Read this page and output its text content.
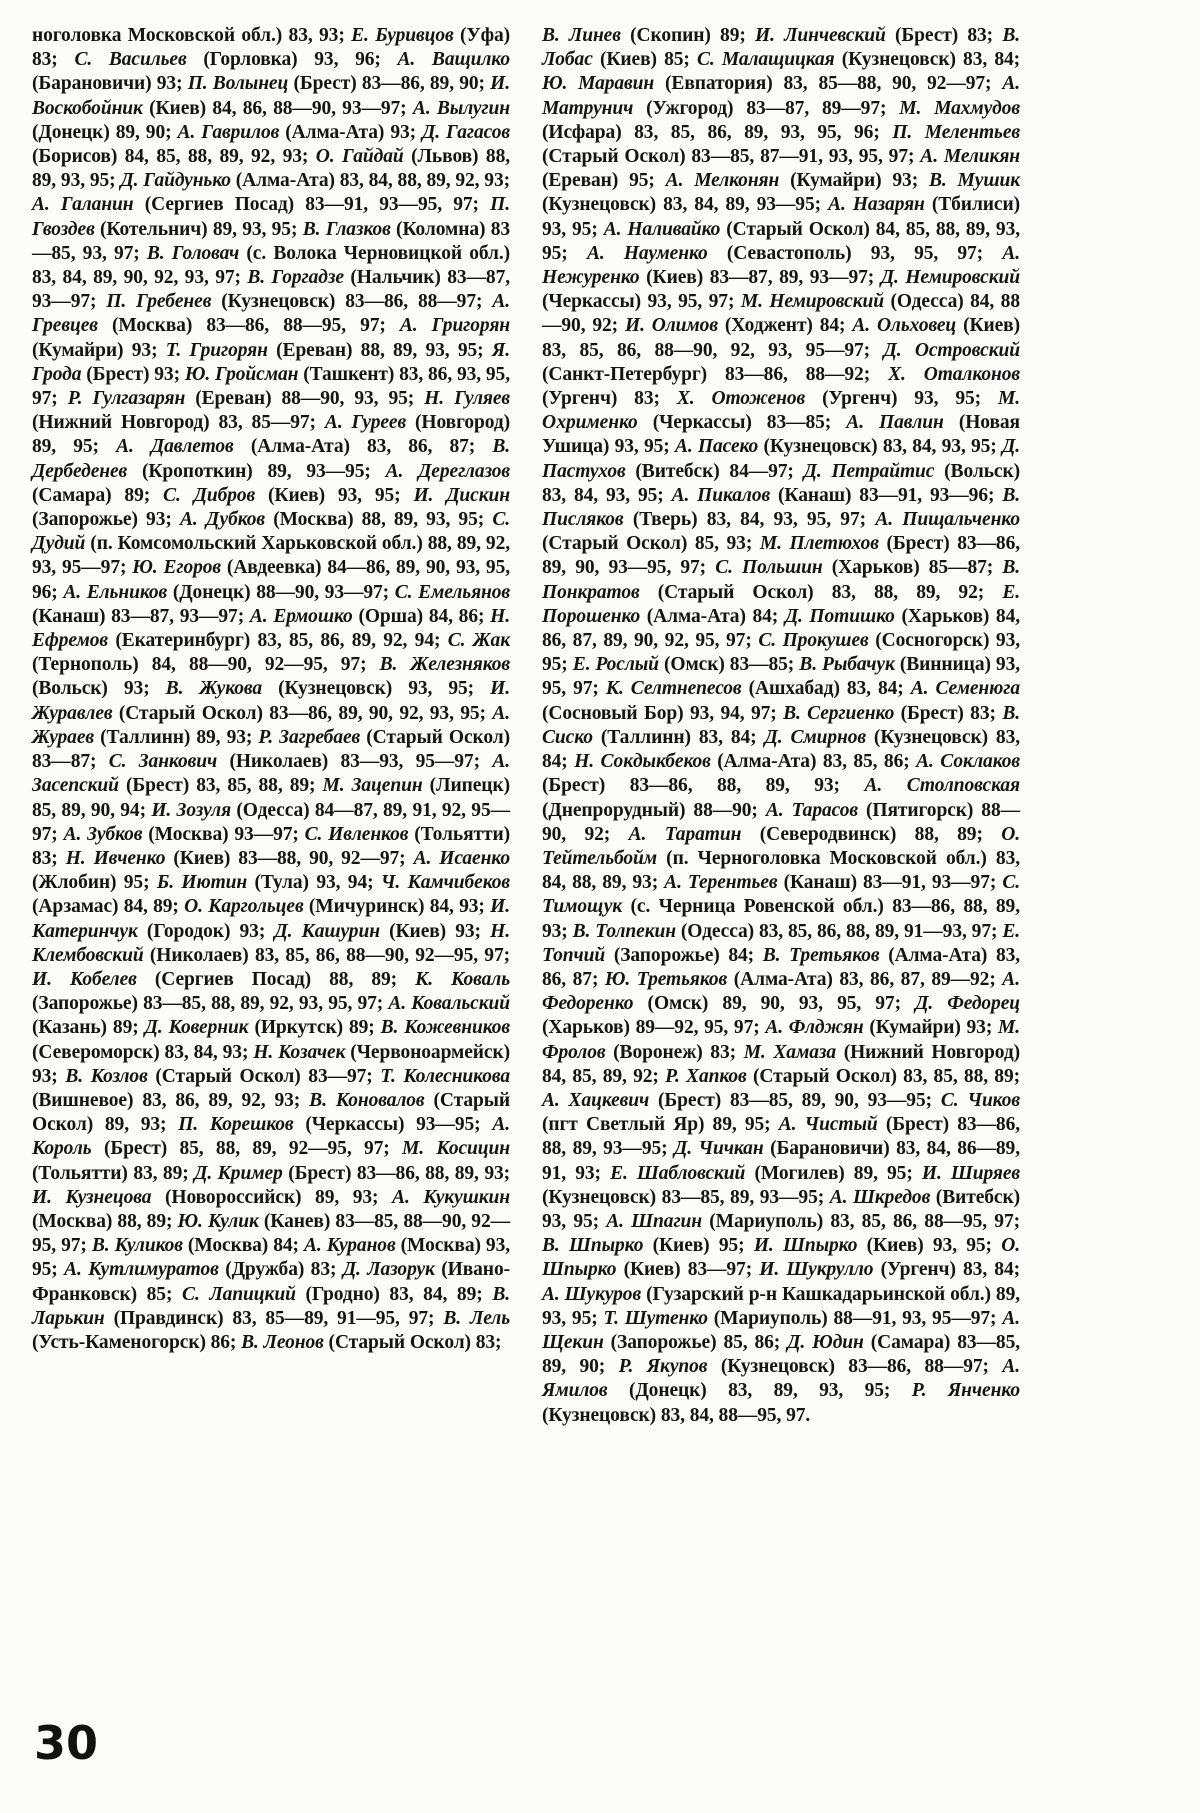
ноголовка Московской обл.) 83, 93; Е. Буривцов (Уфа) 83; С. Васильев (Горловка) 93, 96; А. Ващилко (Барановичи) 93; П. Волынец (Брест) 83—86, 89, 90; И. Воскобойник (Киев) 84, 86, 88—90, 93—97; А. Вылугин (Донецк) 89, 90; А. Гаврилов (Алма-Ата) 93; Д. Гагасов (Борисов) 84, 85, 88, 89, 92, 93; О. Гайдай (Львов) 88, 89, 93, 95; Д. Гайдунько (Алма-Ата) 83, 84, 88, 89, 92, 93; А. Галанин (Сергиев Посад) 83—91, 93—95, 97; П. Гвоздев (Котельнич) 89, 93, 95; В. Глазков (Коломна) 83—85, 93, 97; В. Головач (с. Волока Черновицкой обл.) 83, 84, 89, 90, 92, 93, 97; В. Горгадзе (Нальчик) 83—87, 93—97; П. Гребенев (Кузнецовск) 83—86, 88—97; А. Гревцев (Москва) 83—86, 88—95, 97; А. Григорян (Кумайри) 93; Т. Григорян (Ереван) 88, 89, 93, 95; Я. Грода (Брест) 93; Ю. Гройсман (Ташкент) 83, 86, 93, 95, 97; Р. Гулгазарян (Ереван) 88—90, 93, 95; Н. Гуляев (Нижний Новгород) 83, 85—97; А. Гуреев (Новгород) 89, 95; А. Давлетов (Алма-Ата) 83, 86, 87; В. Дербеденев (Кропоткин) 89, 93—95; А. Дереглазов (Самара) 89; С. Дибров (Киев) 93, 95; И. Дискин (Запорожье) 93; А. Дубков (Москва) 88, 89, 93, 95; С. Дудий (п. Комсомольский Харьковской обл.) 88, 89, 92, 93, 95—97; Ю. Егоров (Авдеевка) 84—86, 89, 90, 93, 95, 96; А. Ельников (Донецк) 88—90, 93—97; С. Емельянов (Канаш) 83—87, 93—97; А. Ермошко (Орша) 84, 86; Н. Ефремов (Екатеринбург) 83, 85, 86, 89, 92, 94; С. Жак (Тернополь) 84, 88—90, 92—95, 97; В. Железняков (Вольск) 93; В. Жукова (Кузнецовск) 93, 95; И. Журавлев (Старый Оскол) 83—86, 89, 90, 92, 93, 95; А. Жураев (Таллинн) 89, 93; Р. Загребаев (Старый Оскол) 83—87; С. Занкович (Николаев) 83—93, 95—97; А. Засепский (Брест) 83, 85, 88, 89; М. Зацепин (Липецк) 85, 89, 90, 94; И. Зозуля (Одесса) 84—87, 89, 91, 92, 95—97; А. Зубков (Москва) 93—97; С. Ивленков (Тольятти) 83; Н. Ивченко (Киев) 83—88, 90, 92—97; А. Исаенко (Жлобин) 95; Б. Иютин (Тула) 93, 94; Ч. Камчибеков (Арзамас) 84, 89; О. Каргольцев (Мичуринск) 84, 93; И. Катеринчук (Городок) 93; Д. Кашурин (Киев) 93; Н. Клембовский (Николаев) 83, 85, 86, 88—90, 92—95, 97; И. Кобелев (Сергиев Посад) 88, 89; К. Коваль (Запорожье) 83—85, 88, 89, 92, 93, 95, 97; А. Ковальский (Казань) 89; Д. Коверник (Иркутск) 89; В. Кожевников (Североморск) 83, 84, 93; Н. Козачек (Червоноармейск) 93; В. Козлов (Старый Оскол) 83—97; Т. Колесникова (Вишневое) 83, 86, 89, 92, 93; В. Коновалов (Старый Оскол) 89, 93; П. Корешков (Черкассы) 93—95; А. Король (Брест) 85, 88, 89, 92—95, 97; М. Косицин (Тольятти) 83, 89; Д. Кример (Брест) 83—86, 88, 89, 93; И. Кузнецова (Новороссийск) 89, 93; А. Кукушкин (Москва) 88, 89; Ю. Кулик (Канев) 83—85, 88—90, 92—95, 97; В. Куликов (Москва) 84; А. Куранов (Москва) 93, 95; А. Кутлимуратов (Дружба) 83; Д. Лазорук (Ивано-Франковск) 85; С. Лапицкий (Гродно) 83, 84, 89; В. Ларькин (Правдинск) 83, 85—89, 91—95, 97; В. Лель (Усть-Каменогорск) 86; В. Леонов (Старый Оскол) 83;
В. Линев (Скопин) 89; И. Линчевский (Брест) 83; В. Лобас (Киев) 85; С. Малащицкая (Кузнецовск) 83, 84; Ю. Маравин (Евпатория) 83, 85—88, 90, 92—97; А. Матрунич (Ужгород) 83—87, 89—97; М. Махмудов (Исфара) 83, 85, 86, 89, 93, 95, 96; П. Мелентьев (Старый Оскол) 83—85, 87—91, 93, 95, 97; А. Меликян (Ереван) 95; А. Мелконян (Кумайри) 93; В. Мушик (Кузнецовск) 83, 84, 89, 93—95; А. Назарян (Тбилиси) 93, 95; А. Наливайко (Старый Оскол) 84, 85, 88, 89, 93, 95; А. Науменко (Севастополь) 93, 95, 97; А. Нежуренко (Киев) 83—87, 89, 93—97; Д. Немировский (Черкассы) 93, 95, 97; М. Немировский (Одесса) 84, 88—90, 92; И. Олимов (Ходжент) 84; А. Ольховец (Киев) 83, 85, 86, 88—90, 92, 93, 95—97; Д. Островский (Санкт-Петербург) 83—86, 88—92; Х. Оталконов (Ургенч) 83; Х. Отоженов (Ургенч) 93, 95; М. Охрименко (Черкассы) 83—85; А. Павлин (Новая Ушица) 93, 95; А. Пасеко (Кузнецовск) 83, 84, 93, 95; Д. Пастухов (Витебск) 84—97; Д. Петрайтис (Вольск) 83, 84, 93, 95; А. Пикалов (Канаш) 83—91, 93—96; В. Писляков (Тверь) 83, 84, 93, 95, 97; А. Пищальченко (Старый Оскол) 85, 93; М. Плетюхов (Брест) 83—86, 89, 90, 93—95, 97; С. Польшин (Харьков) 85—87; В. Понкратов (Старый Оскол) 83, 88, 89, 92; Е. Порошенко (Алма-Ата) 84; Д. Потишко (Харьков) 84, 86, 87, 89, 90, 92, 95, 97; С. Прокушев (Сосногорск) 93, 95; Е. Рослый (Омск) 83—85; В. Рыбачук (Винница) 93, 95, 97; К. Селтнепесов (Ашхабад) 83, 84; А. Семенюга (Сосновый Бор) 93, 94, 97; В. Сергиенко (Брест) 83; В. Сиско (Таллинн) 83, 84; Д. Смирнов (Кузнецовск) 83, 84; Н. Сокдыкбеков (Алма-Ата) 83, 85, 86; А. Соклаков (Брест) 83—86, 88, 89, 93; А. Столповская (Днепрорудный) 88—90; А. Тарасов (Пятигорск) 88—90, 92; А. Таратин (Северодвинск) 88, 89; О. Тейтельбойм (п. Черноголовка Московской обл.) 83, 84, 88, 89, 93; А. Терентьев (Канаш) 83—91, 93—97; С. Тимощук (с. Черница Ровенской обл.) 83—86, 88, 89, 93; В. Толпекин (Одесса) 83, 85, 86, 88, 89, 91—93, 97; Е. Топчий (Запорожье) 84; В. Третьяков (Алма-Ата) 83, 86, 87; Ю. Третьяков (Алма-Ата) 83, 86, 87, 89—92; А. Федоренко (Омск) 89, 90, 93, 95, 97; Д. Федорец (Харьков) 89—92, 95, 97; А. Флджян (Кумайри) 93; М. Фролов (Воронеж) 83; М. Хамаза (Нижний Новгород) 84, 85, 89, 92; Р. Хапков (Старый Оскол) 83, 85, 88, 89; А. Хацкевич (Брест) 83—85, 89, 90, 93—95; С. Чиков (пгт Светлый Яр) 89, 95; А. Чистый (Брест) 83—86, 88, 89, 93—95; Д. Чичкан (Барановичи) 83, 84, 86—89, 91, 93; Е. Шабловский (Могилев) 89, 95; И. Ширяев (Кузнецовск) 83—85, 89, 93—95; А. Шкредов (Витебск) 93, 95; А. Шпагин (Мариуполь) 83, 85, 86, 88—95, 97; В. Шпырко (Киев) 95; И. Шпырко (Киев) 93, 95; О. Шпырко (Киев) 83—97; И. Шукрулло (Ургенч) 83, 84; А. Шукуров (Гузарский р-н Кашкадарьинской обл.) 89, 93, 95; Т. Шутенко (Мариуполь) 88—91, 93, 95—97; А. Щекин (Запорожье) 85, 86; Д. Юдин (Самара) 83—85, 89, 90; Р. Якупов (Кузнецовск) 83—86, 88—97; А. Ямилов (Донецк) 83, 89, 93, 95; Р. Янченко (Кузнецовск) 83, 84, 88—95, 97.
30
